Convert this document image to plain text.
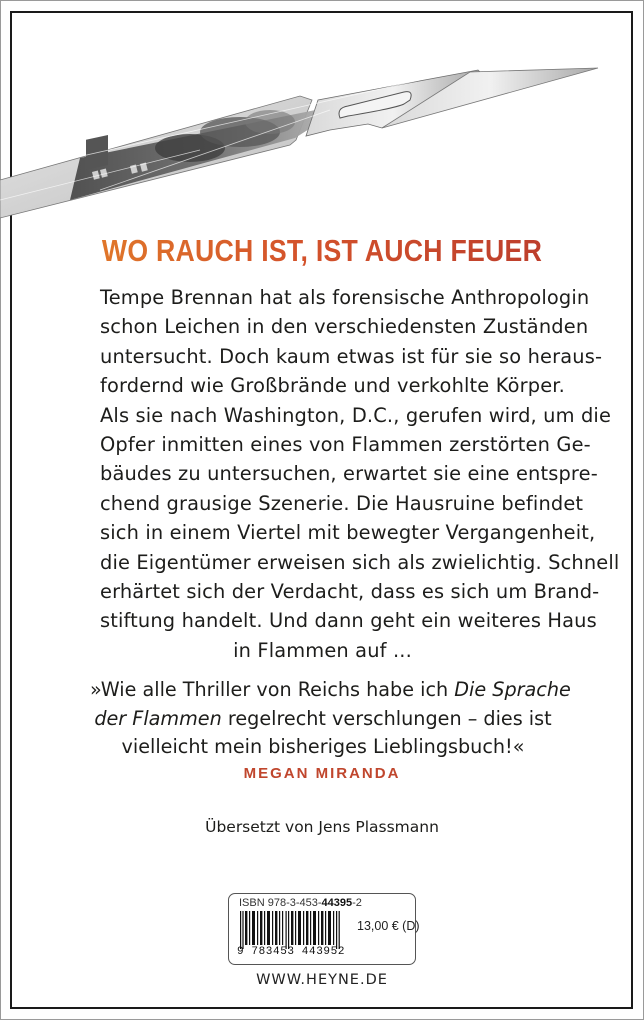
WO RAUCH IST, IST AUCH FEUER
Tempe Brennan hat als forensische Anthropologin
schon Leichen in den verschiedensten Zuständen
untersucht. Doch kaum etwas ist für sie so heraus-
fordernd wie Großbrände und verkohlte Körper.
Als sie nach Washington, D.C., gerufen wird, um die
Opfer inmitten eines von Flammen zerstörten Ge-
bäudes zu untersuchen, erwartet sie eine entspre-
chend grausige Szenerie. Die Hausruine befindet
sich in einem Viertel mit bewegter Vergangenheit,
die Eigentümer erweisen sich als zwielichtig. Schnell
erhärtet sich der Verdacht, dass es sich um Brand-
stiftung handelt. Und dann geht ein weiteres Haus
in Flammen auf ...
»Wie alle Thriller von Reichs habe ich Die Sprache
der Flammen regelrecht verschlungen – dies ist
vielleicht mein bisheriges Lieblingsbuch!«
MEGAN MIRANDA
Übersetzt von Jens Plassmann
ISBN 978-3-453-44395-2
9 783453 443952
13,00 € (D)
WWW.HEYNE.DE
